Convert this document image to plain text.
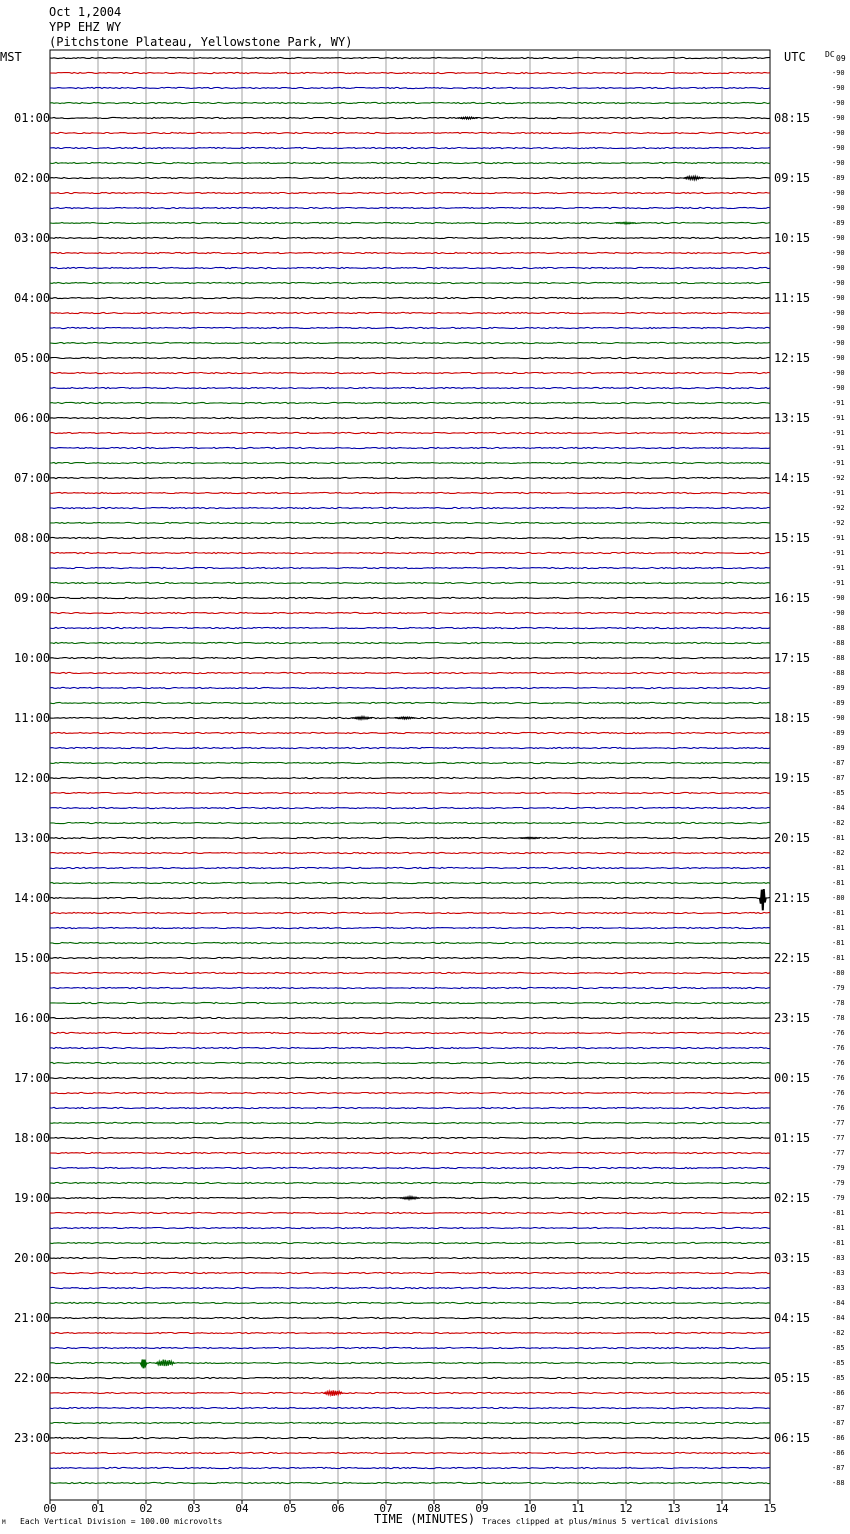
Oct 1,2004
YPP EHZ WY
(Pitchstone Plateau, Yellowstone Park, WY)
MST	UTC DC 09
01:00
02:00
03:00
04:00
05:00
06:00
07:00
08:00
09:00
10:00
11:00
12:00
13:00
14:00
15:00
16:00
17:00
18:00
19:00
20:00
21:00
22:00
23:00
08:15
09:15
10:15
11:15
12:15
13:15
14:15
15:15
16:15
17:15
18:15
19:15
20:15
21:15
22:15
23:15
00:15
01:15
02:15
03:15
04:15
05:15
06:15
-90
-90
-90
-90
-90
-90
-90
-89
-90
-90
-89
-90
-90
-90
-90
-90
-90
-90
-90
-90
-90
-90
-91
-91
-91
-91
-91
-92
-91
-92
-92
-91
-91
-91
-91
-90
-90
-88
-88
-88
-88
-89
-89
-90
-89
-89
-87
-87
-85
-84
-82
-81
-82
-81
-81
-80
-81
-81
-81
-81
-80
-79
-78
-78
-76
-76
-76
-76
-76
-76
-77
-77
-77
-79
-79
-79
-81
-81
-81
-83
-83
-83
-84
-84
-82
-85
-85
-85
-86
-87
-87
-86
-86
-87
-88
00	01	02	03	04	05	06	07	08	09	10	11	12	13	14	15
M Each Vertical Division = 100.00 microvolts	TIME (MINUTES) Traces clipped at plus/minus 5 vertical divisions
